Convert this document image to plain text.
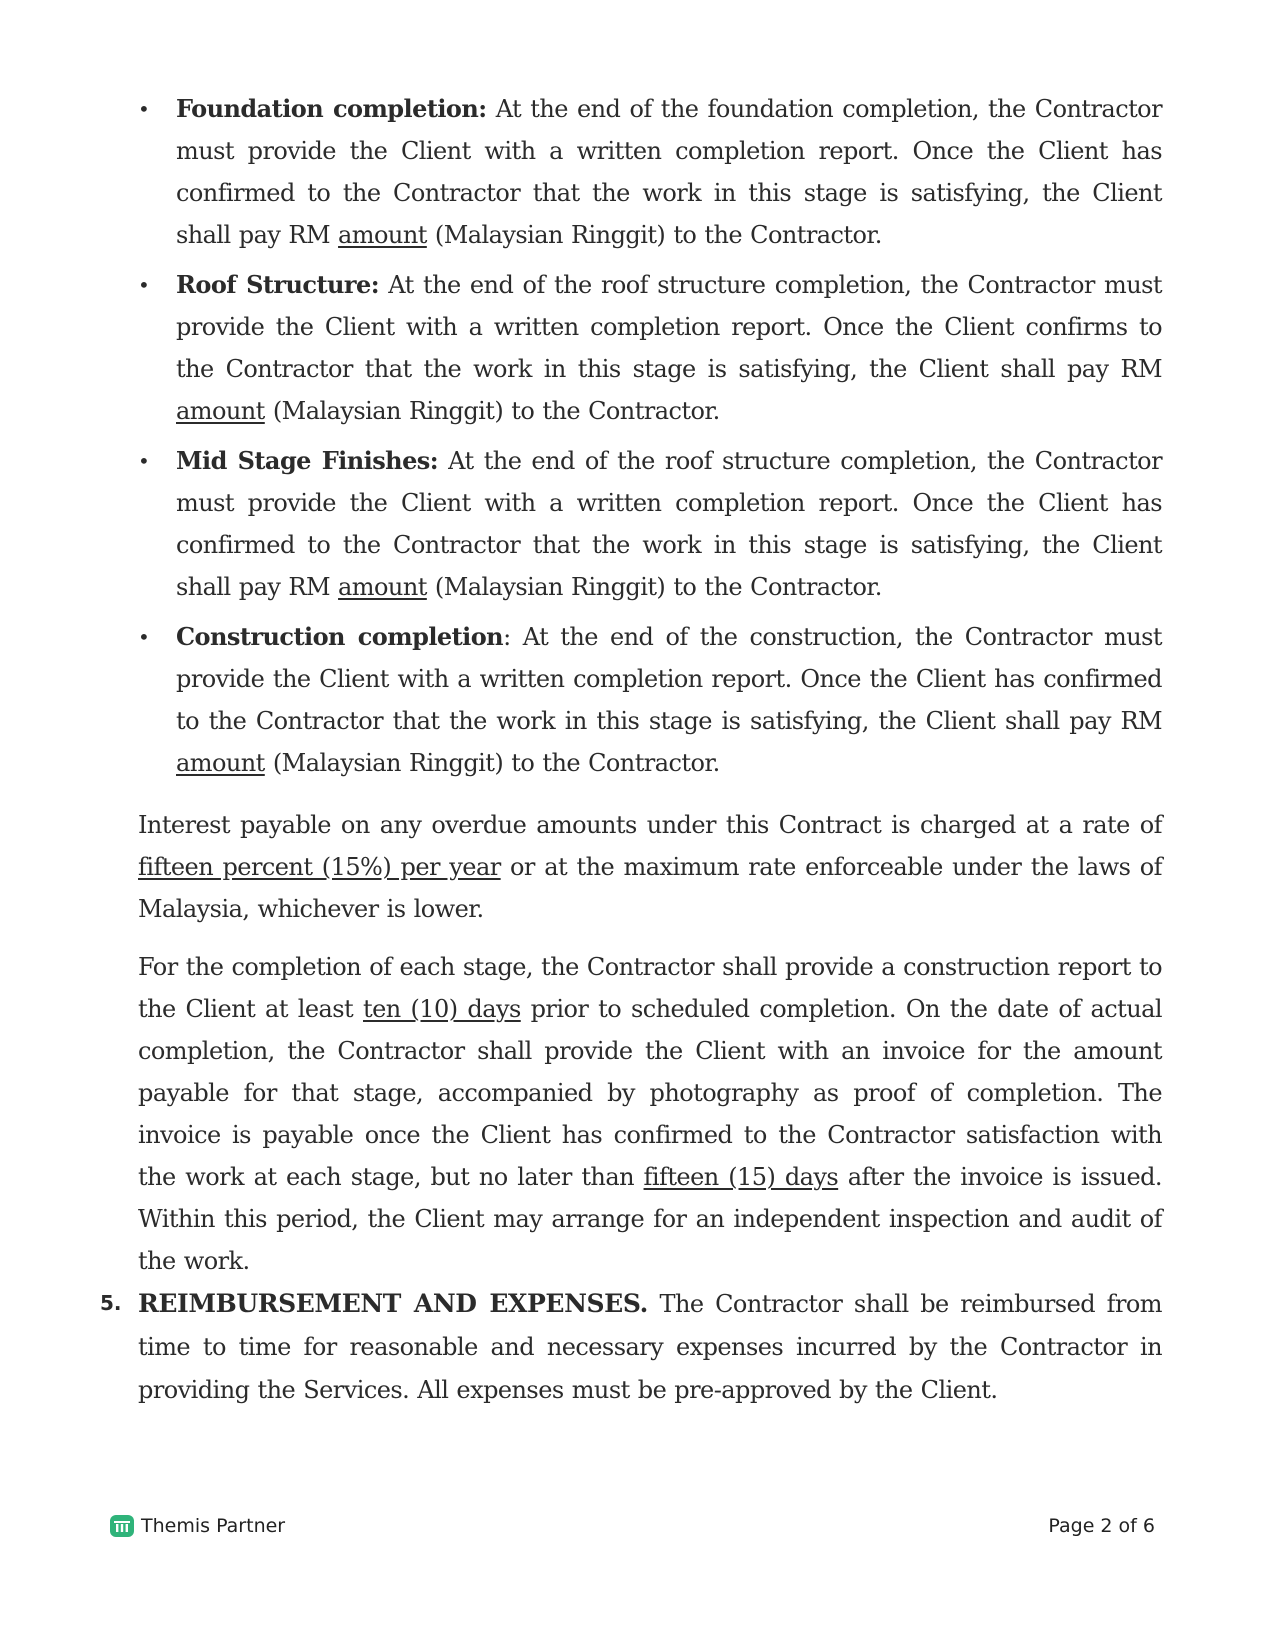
• Foundation completion: At the end of the foundation completion, the Contractor must provide the Client with a written completion report. Once the Client has confirmed to the Contractor that the work in this stage is satisfying, the Client shall pay RM amount (Malaysian Ringgit) to the Contractor.
• Roof Structure: At the end of the roof structure completion, the Contractor must provide the Client with a written completion report. Once the Client confirms to the Contractor that the work in this stage is satisfying, the Client shall pay RM amount (Malaysian Ringgit) to the Contractor.
• Mid Stage Finishes: At the end of the roof structure completion, the Contractor must provide the Client with a written completion report. Once the Client has confirmed to the Contractor that the work in this stage is satisfying, the Client shall pay RM amount (Malaysian Ringgit) to the Contractor.
• Construction completion: At the end of the construction, the Contractor must provide the Client with a written completion report. Once the Client has confirmed to the Contractor that the work in this stage is satisfying, the Client shall pay RM amount (Malaysian Ringgit) to the Contractor.

Interest payable on any overdue amounts under this Contract is charged at a rate of fifteen percent (15%) per year or at the maximum rate enforceable under the laws of Malaysia, whichever is lower.

For the completion of each stage, the Contractor shall provide a construction report to the Client at least ten (10) days prior to scheduled completion. On the date of actual completion, the Contractor shall provide the Client with an invoice for the amount payable for that stage, accompanied by photography as proof of completion. The invoice is payable once the Client has confirmed to the Contractor satisfaction with the work at each stage, but no later than fifteen (15) days after the invoice is issued. Within this period, the Client may arrange for an independent inspection and audit of the work.

5. REIMBURSEMENT AND EXPENSES. The Contractor shall be reimbursed from time to time for reasonable and necessary expenses incurred by the Contractor in providing the Services. All expenses must be pre-approved by the Client.
Themis Partner	Page 2 of 6
